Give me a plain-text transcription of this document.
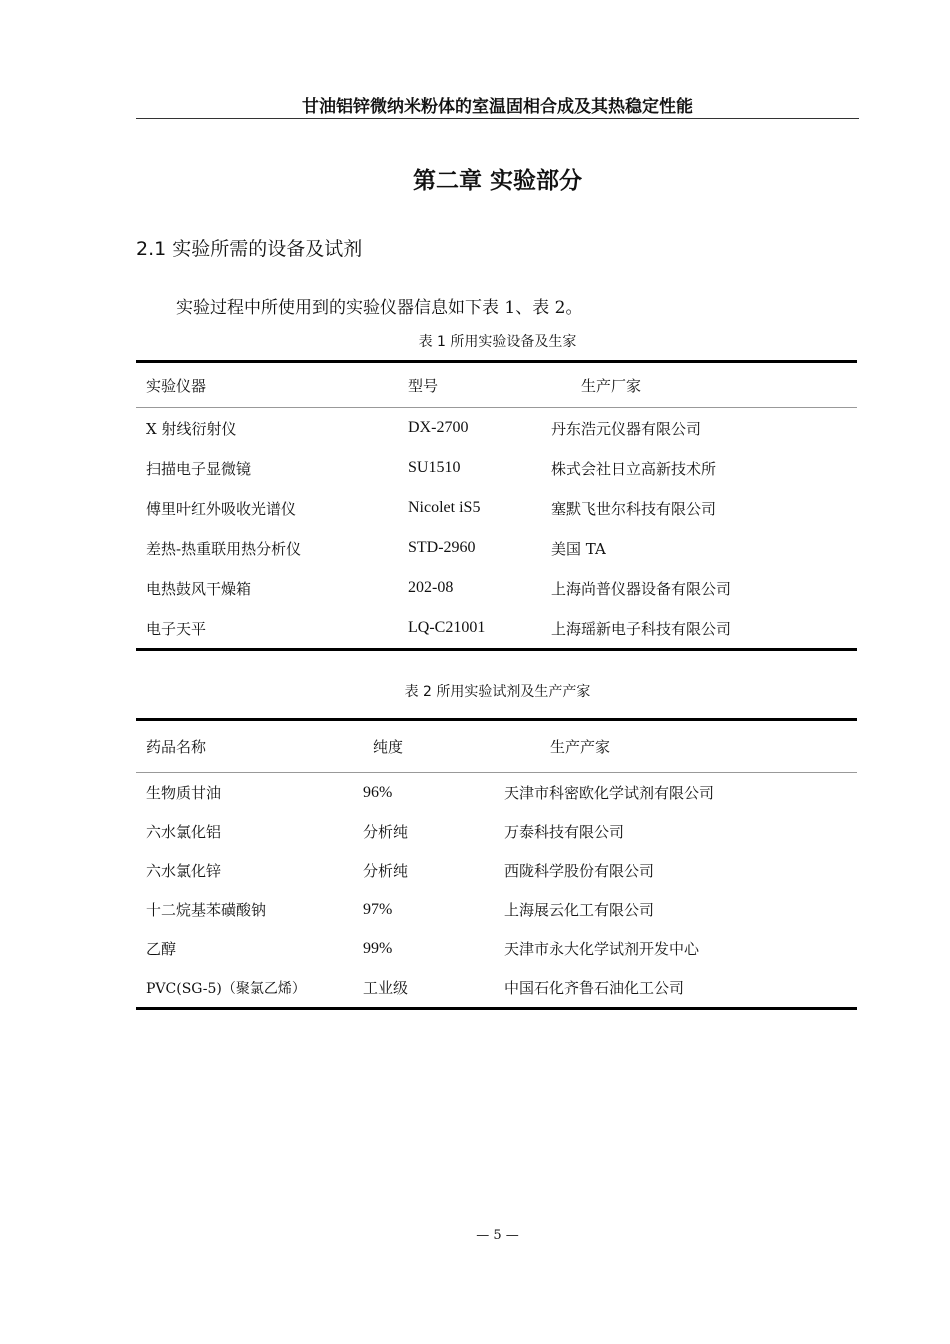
甘油铝锌微纳米粉体的室温固相合成及其热稳定性能
第二章 实验部分
2.1 实验所需的设备及试剂
实验过程中所使用到的实验仪器信息如下表 1、表 2。
表 1 所用实验设备及生家
实验仪器	型号	生产厂家
X 射线衍射仪	DX-2700	丹东浩元仪器有限公司
扫描电子显微镜	SU1510	株式会社日立高新技术所
傅里叶红外吸收光谱仪	Nicolet iS5	塞默飞世尔科技有限公司
差热-热重联用热分析仪	STD-2960	美国 TA
电热鼓风干燥箱	202-08	上海尚普仪器设备有限公司
电子天平	LQ-C21001	上海瑶新电子科技有限公司
表 2 所用实验试剂及生产产家
药品名称	纯度	生产产家
生物质甘油	96%	天津市科密欧化学试剂有限公司
六水氯化铝	分析纯	万泰科技有限公司
六水氯化锌	分析纯	西陇科学股份有限公司
十二烷基苯磺酸钠	97%	上海展云化工有限公司
乙醇	99%	天津市永大化学试剂开发中心
PVC(SG-5)（聚氯乙烯）	工业级	中国石化齐鲁石油化工公司
— 5 —
